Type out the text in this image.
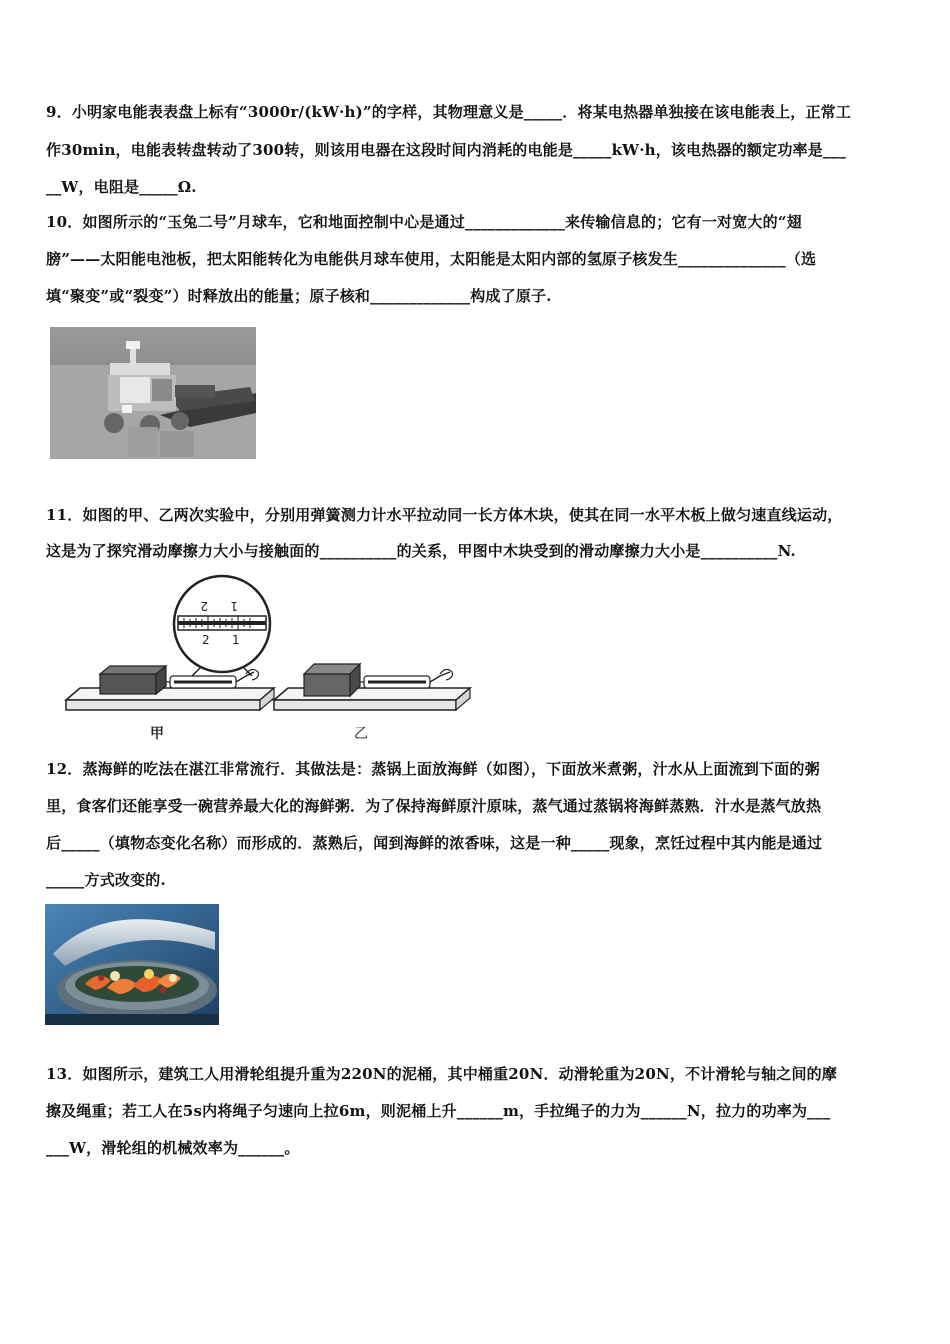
9．小明家电能表表盘上标有“3000r/(kW·h)”的字样，其物理意义是_____．将某电热器单独接在该电能表上，正常工
作30min，电能表转盘转动了300转，则该用电器在这段时间内消耗的电能是_____kW·h，该电热器的额定功率是___
__W，电阻是_____Ω.
10．如图所示的“玉兔二号”月球车，它和地面控制中心是通过_____________来传输信息的；它有一对宽大的“翅
膀”——太阳能电池板，把太阳能转化为电能供月球车使用，太阳能是太阳内部的氢原子核发生______________（选
填“聚变”或“裂变”）时释放出的能量；原子核和_____________构成了原子.
11．如图的甲、乙两次实验中，分别用弹簧测力计水平拉动同一长方体木块，使其在同一水平木板上做匀速直线运动，
这是为了探究滑动摩擦力大小与接触面的__________的关系，甲图中木块受到的滑动摩擦力大小是__________N.
2 1
2 1
甲	乙
12．蒸海鲜的吃法在湛江非常流行．其做法是：蒸锅上面放海鲜（如图），下面放米煮粥，汁水从上面流到下面的粥
里，食客们还能享受一碗营养最大化的海鲜粥．为了保持海鲜原汁原味，蒸气通过蒸锅将海鲜蒸熟．汁水是蒸气放热
后_____（填物态变化名称）而形成的．蒸熟后，闻到海鲜的浓香味，这是一种_____现象，烹饪过程中其内能是通过
_____方式改变的.
13．如图所示，建筑工人用滑轮组提升重为220N的泥桶，其中桶重20N．动滑轮重为20N，不计滑轮与轴之间的摩
擦及绳重；若工人在5s内将绳子匀速向上拉6m，则泥桶上升______m，手拉绳子的力为______N，拉力的功率为___
___W，滑轮组的机械效率为______。
